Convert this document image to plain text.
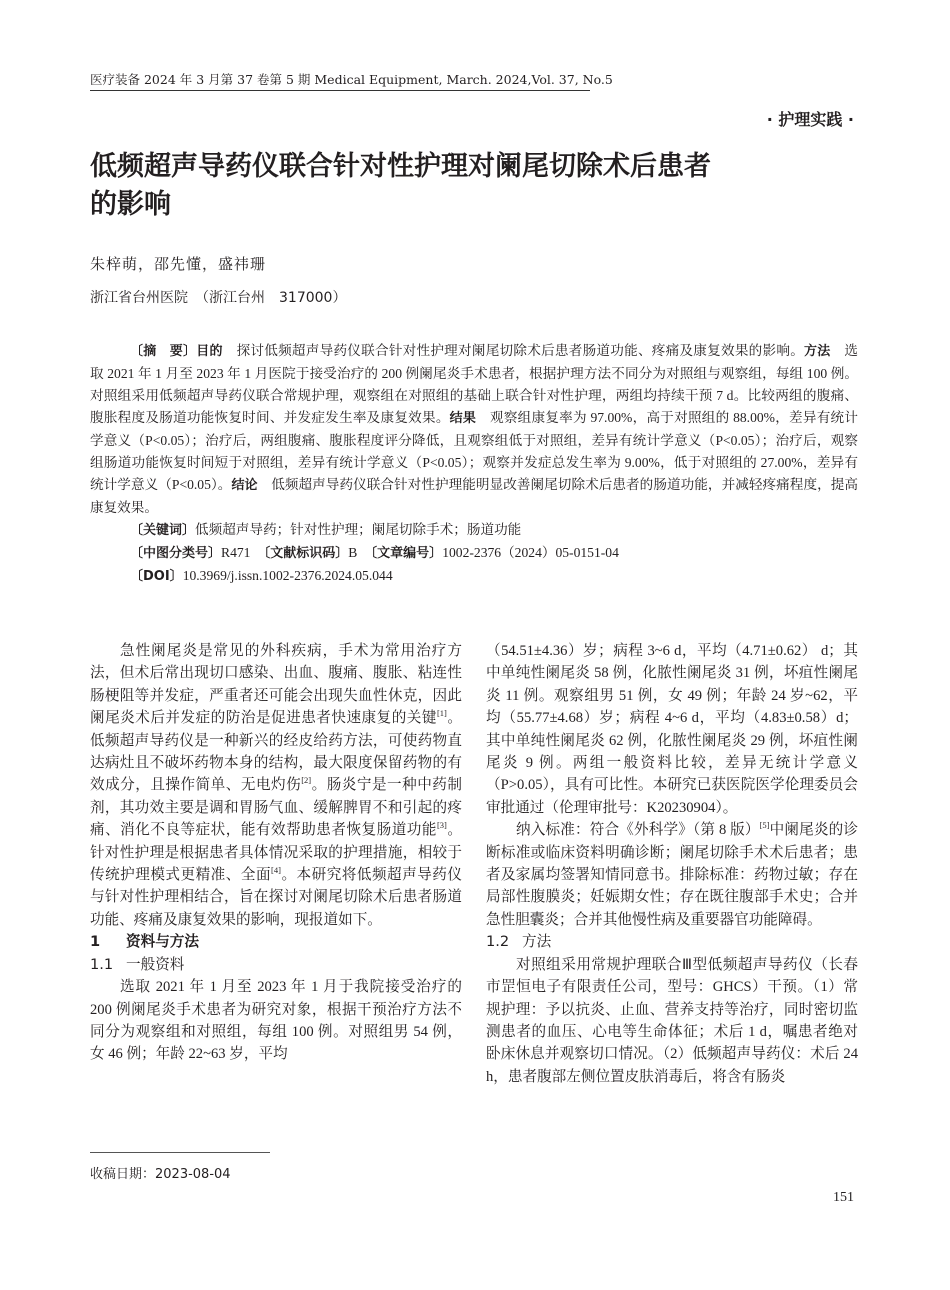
医疗装备 2024 年 3 月第 37 卷第 5 期 Medical Equipment, March. 2024,Vol. 37, No.5
· 护理实践 ·
低频超声导药仪联合针对性护理对阑尾切除术后患者
的影响
朱梓萌，邵先懂，盛祎珊
浙江省台州医院　（浙江台州　317000）

〔摘　要〕目的　探讨低频超声导药仪联合针对性护理对阑尾切除术后患者肠道功能、疼痛及康复效果的影响。方法　选取 2021 年 1 月至 2023 年 1 月医院于接受治疗的 200 例阑尾炎手术患者，根据护理方法不同分为对照组与观察组，每组 100 例。对照组采用低频超声导药仪联合常规护理，观察组在对照组的基础上联合针对性护理，两组均持续干预 7 d。比较两组的腹痛、腹胀程度及肠道功能恢复时间、并发症发生率及康复效果。结果　观察组康复率为 97.00%，高于对照组的 88.00%，差异有统计学意义（P<0.05）；治疗后，两组腹痛、腹胀程度评分降低，且观察组低于对照组，差异有统计学意义（P<0.05）；治疗后，观察组肠道功能恢复时间短于对照组，差异有统计学意义（P<0.05）；观察并发症总发生率为 9.00%，低于对照组的 27.00%，差异有统计学意义（P<0.05）。结论　低频超声导药仪联合针对性护理能明显改善阑尾切除术后患者的肠道功能，并减轻疼痛程度，提高康复效果。

〔关键词〕低频超声导药；针对性护理；阑尾切除手术；肠道功能

〔中图分类号〕R471  〔文献标识码〕B  〔文章编号〕1002-2376（2024）05-0151-04

〔DOI〕10.3969/j.issn.1002-2376.2024.05.044

急性阑尾炎是常见的外科疾病，手术为常用治疗方法，但术后常出现切口感染、出血、腹痛、腹胀、粘连性肠梗阻等并发症，严重者还可能会出现失血性休克，因此阑尾炎术后并发症的防治是促进患者快速康复的关键[1]。低频超声导药仪是一种新兴的经皮给药方法，可使药物直达病灶且不破坏药物本身的结构，最大限度保留药物的有效成分，且操作简单、无电灼伤[2]。肠炎宁是一种中药制剂，其功效主要是调和胃肠气血、缓解脾胃不和引起的疼痛、消化不良等症状，能有效帮助患者恢复肠道功能[3]。针对性护理是根据患者具体情况采取的护理措施，相较于传统护理模式更精准、全面[4]。本研究将低频超声导药仪与针对性护理相结合，旨在探讨对阑尾切除术后患者肠道功能、疼痛及康复效果的影响，现报道如下。

1 资料与方法
1.1 一般资料

选取 2021 年 1 月至 2023 年 1 月于我院接受治疗的 200 例阑尾炎手术患者为研究对象，根据干预治疗方法不同分为观察组和对照组，每组 100 例。对照组男 54 例，女 46 例；年龄 22~63 岁，平均

（54.51±4.36）岁；病程 3~6 d，平均（4.71±0.62） d；其中单纯性阑尾炎 58 例，化脓性阑尾炎 31 例，坏疽性阑尾炎 11 例。观察组男 51 例，女 49 例；年龄 24 岁~62，平均（55.77±4.68）岁；病程 4~6 d，平均（4.83±0.58）d；其中单纯性阑尾炎 62 例，化脓性阑尾炎 29 例，坏疽性阑尾炎 9 例。两组一般资料比较，差异无统计学意义（P>0.05），具有可比性。本研究已获医院医学伦理委员会审批通过（伦理审批号：K20230904）。

纳入标准：符合《外科学》（第 8 版）[5]中阑尾炎的诊断标准或临床资料明确诊断；阑尾切除手术术后患者；患者及家属均签署知情同意书。排除标准：药物过敏；存在局部性腹膜炎；妊娠期女性；存在既往腹部手术史；合并急性胆囊炎；合并其他慢性病及重要器官功能障碍。

1.2 方法

对照组采用常规护理联合Ⅲ型低频超声导药仪（长春市罡恒电子有限责任公司，型号：GHCS）干预。（1）常规护理：予以抗炎、止血、营养支持等治疗，同时密切监测患者的血压、心电等生命体征；术后 1 d，嘱患者绝对卧床休息并观察切口情况。（2）低频超声导药仪：术后 24 h，患者腹部左侧位置皮肤消毒后，将含有肠炎

收稿日期：2023-08-04
151
